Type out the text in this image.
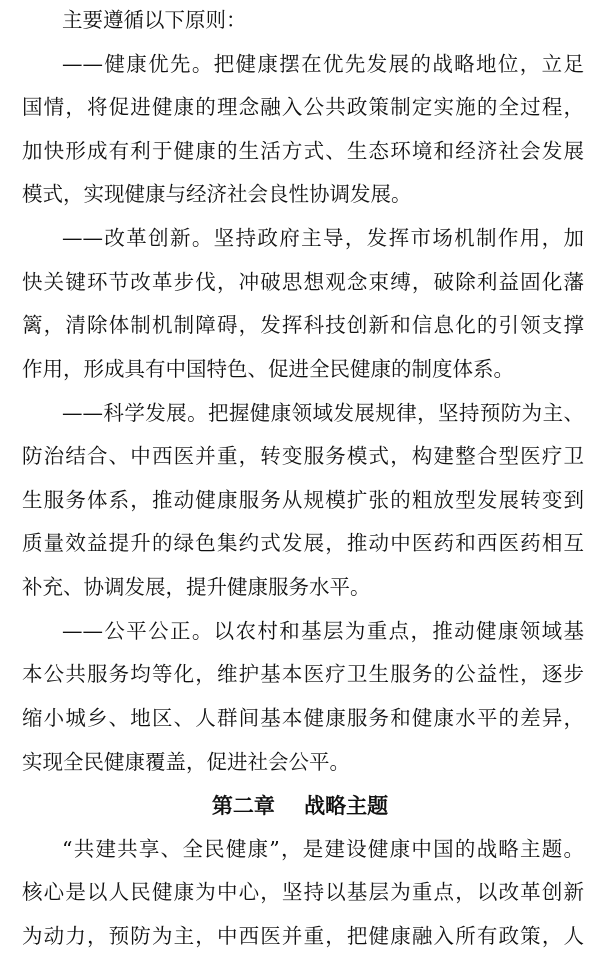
主要遵循以下原则：
——健康优先。把健康摆在优先发展的战略地位，立足
国情，将促进健康的理念融入公共政策制定实施的全过程，
加快形成有利于健康的生活方式、生态环境和经济社会发展
模式，实现健康与经济社会良性协调发展。
——改革创新。坚持政府主导，发挥市场机制作用，加
快关键环节改革步伐，冲破思想观念束缚，破除利益固化藩
篱，清除体制机制障碍，发挥科技创新和信息化的引领支撑
作用，形成具有中国特色、促进全民健康的制度体系。
——科学发展。把握健康领域发展规律，坚持预防为主、
防治结合、中西医并重，转变服务模式，构建整合型医疗卫
生服务体系，推动健康服务从规模扩张的粗放型发展转变到
质量效益提升的绿色集约式发展，推动中医药和西医药相互
补充、协调发展，提升健康服务水平。
——公平公正。以农村和基层为重点，推动健康领域基
本公共服务均等化，维护基本医疗卫生服务的公益性，逐步
缩小城乡、地区、人群间基本健康服务和健康水平的差异，
实现全民健康覆盖，促进社会公平。
第二章    战略主题
“共建共享、全民健康”，是建设健康中国的战略主题。
核心是以人民健康为中心，坚持以基层为重点，以改革创新
为动力，预防为主，中西医并重，把健康融入所有政策，人
